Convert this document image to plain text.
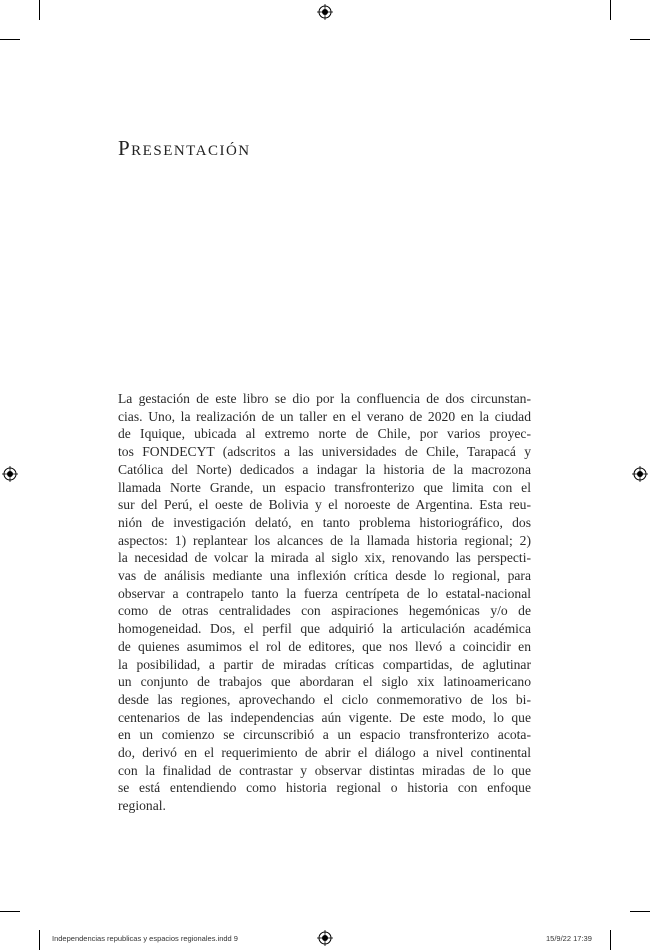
Presentación
La gestación de este libro se dio por la confluencia de dos circunstan-
cias. Uno, la realización de un taller en el verano de 2020 en la ciudad
de Iquique, ubicada al extremo norte de Chile, por varios proyec-
tos FONDECYT (adscritos a las universidades de Chile, Tarapacá y
Católica del Norte) dedicados a indagar la historia de la macrozona
llamada Norte Grande, un espacio transfronterizo que limita con el
sur del Perú, el oeste de Bolivia y el noroeste de Argentina. Esta reu-
nión de investigación delató, en tanto problema historiográfico, dos
aspectos: 1) replantear los alcances de la llamada historia regional; 2)
la necesidad de volcar la mirada al siglo xix, renovando las perspecti-
vas de análisis mediante una inflexión crítica desde lo regional, para
observar a contrapelo tanto la fuerza centrípeta de lo estatal-nacional
como de otras centralidades con aspiraciones hegemónicas y/o de
homogeneidad. Dos, el perfil que adquirió la articulación académica
de quienes asumimos el rol de editores, que nos llevó a coincidir en
la posibilidad, a partir de miradas críticas compartidas, de aglutinar
un conjunto de trabajos que abordaran el siglo xix latinoamericano
desde las regiones, aprovechando el ciclo conmemorativo de los bi-
centenarios de las independencias aún vigente. De este modo, lo que
en un comienzo se circunscribió a un espacio transfronterizo acota-
do, derivó en el requerimiento de abrir el diálogo a nivel continental
con la finalidad de contrastar y observar distintas miradas de lo que
se está entendiendo como historia regional o historia con enfoque
regional.
Independencias republicas y espacios regionales.indd 9	15/9/22 17:39
